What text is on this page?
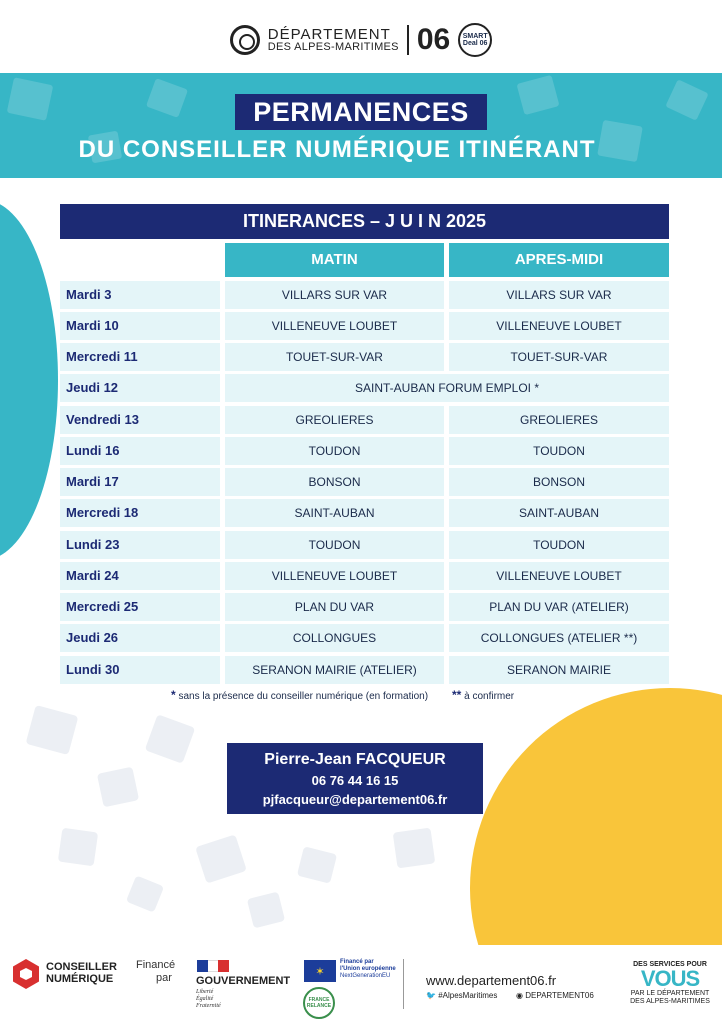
DÉPARTEMENT
DES ALPES-MARITIMES 06	SMART Deal 06
PERMANENCES
DU CONSEILLER NUMÉRIQUE ITINÉRANT
ITINERANCES – J U I N 2025
MATIN	APRES-MIDI
Mardi 3	VILLARS SUR VAR	VILLARS SUR VAR
Mardi 10	VILLENEUVE LOUBET	VILLENEUVE LOUBET
Mercredi 11	TOUET-SUR-VAR	TOUET-SUR-VAR
Jeudi 12	SAINT-AUBAN FORUM EMPLOI *
Vendredi 13	GREOLIERES	GREOLIERES
Lundi 16	TOUDON	TOUDON
Mardi 17	BONSON	BONSON
Mercredi 18	SAINT-AUBAN	SAINT-AUBAN
Lundi 23	TOUDON	TOUDON
Mardi 24	VILLENEUVE LOUBET	VILLENEUVE LOUBET
Mercredi 25	PLAN DU VAR	PLAN DU VAR (ATELIER)
Jeudi 26	COLLONGUES	COLLONGUES (ATELIER **)
Lundi 30	SERANON MAIRIE (ATELIER)	SERANON MAIRIE
* sans la présence du conseiller numérique (en formation) ** à confirmer
Pierre-Jean FACQUEUR
06 76 44 16 15
pjfacqueur@departement06.fr
CONSEILLER
NUMÉRIQUE
Financé
par GOUVERNEMENT
Liberté
Égalité
Fraternité
✶
Financé par
l'Union européenne
NextGenerationEU
FRANCE RELANCE
www.departement06.fr
🐦 #AlpesMaritimes ◉ DEPARTEMENT06
DES SERVICES POUR
VOUS
PAR LE DÉPARTEMENT
DES ALPES-MARITIMES
